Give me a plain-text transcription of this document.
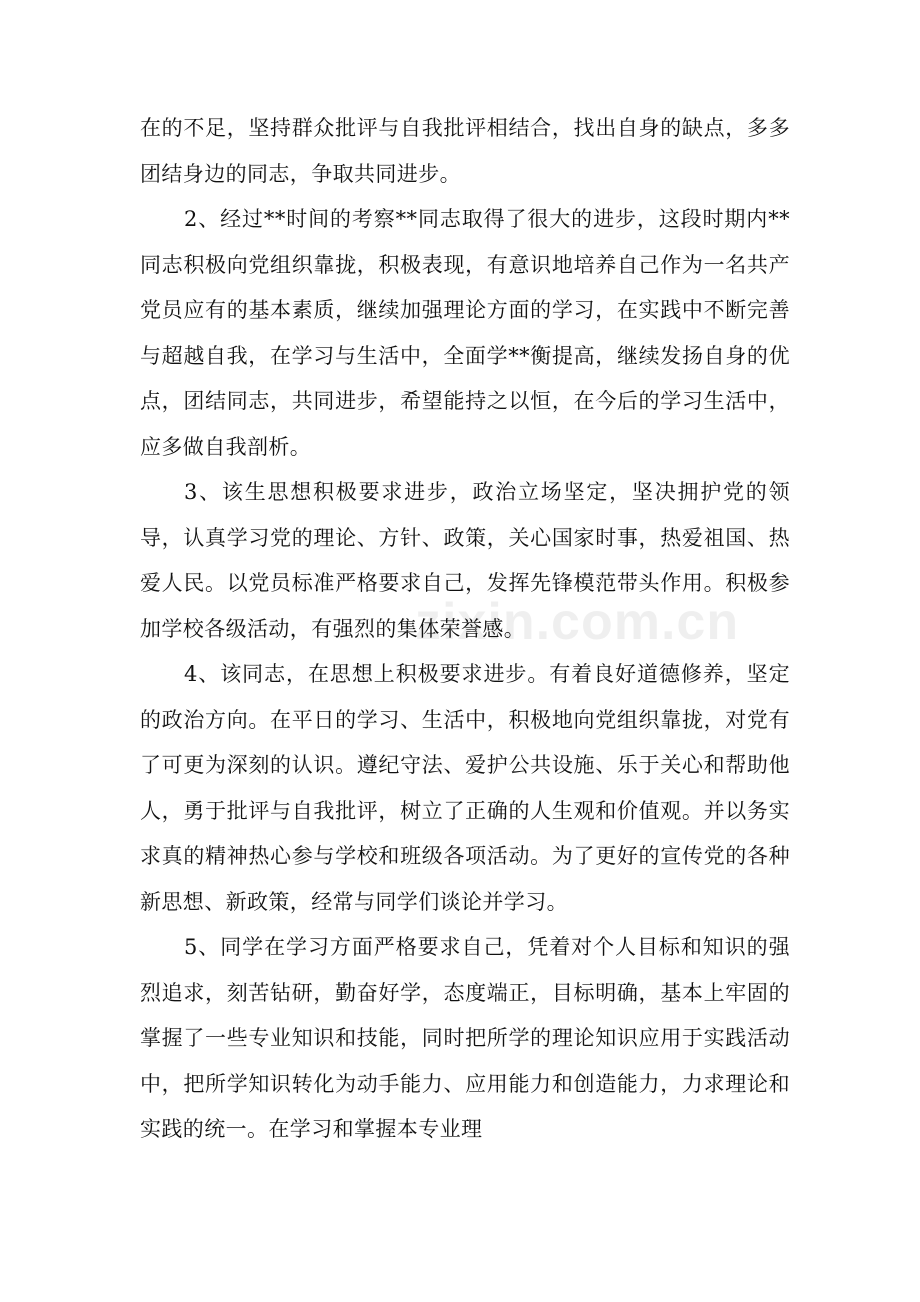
在的不足，坚持群众批评与自我批评相结合，找出自身的缺点，多多团结身边的同志，争取共同进步。

2、经过**时间的考察**同志取得了很大的进步，这段时期内**同志积极向党组织靠拢，积极表现，有意识地培养自己作为一名共产党员应有的基本素质，继续加强理论方面的学习，在实践中不断完善与超越自我，在学习与生活中，全面学**衡提高，继续发扬自身的优点，团结同志，共同进步，希望能持之以恒，在今后的学习生活中，应多做自我剖析。

3、该生思想积极要求进步，政治立场坚定，坚决拥护党的领导，认真学习党的理论、方针、政策，关心国家时事，热爱祖国、热爱人民。以党员标准严格要求自己，发挥先锋模范带头作用。积极参加学校各级活动，有强烈的集体荣誉感。

4、该同志，在思想上积极要求进步。有着良好道德修养，坚定的政治方向。在平日的学习、生活中，积极地向党组织靠拢，对党有了可更为深刻的认识。遵纪守法、爱护公共设施、乐于关心和帮助他人，勇于批评与自我批评，树立了正确的人生观和价值观。并以务实求真的精神热心参与学校和班级各项活动。为了更好的宣传党的各种新思想、新政策，经常与同学们谈论并学习。

5、同学在学习方面严格要求自己，凭着对个人目标和知识的强烈追求，刻苦钻研，勤奋好学，态度端正，目标明确，基本上牢固的掌握了一些专业知识和技能，同时把所学的理论知识应用于实践活动中，把所学知识转化为动手能力、应用能力和创造能力，力求理论和实践的统一。在学习和掌握本专业理

zixin.com.cn
